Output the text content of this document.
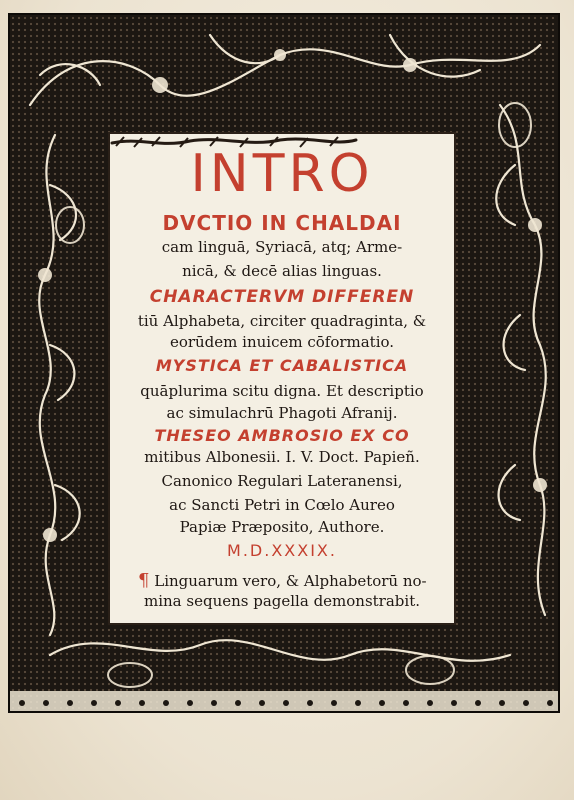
INTRO
DVCTIO IN CHALDAI
cam linguā, Syriacā, atq; Arme-
nicā, & decē alias linguas.
CHARACTERVM DIFFEREN
tiū Alphabeta, circiter quadraginta, &
eorūdem inuicem cōformatio.
MYSTICA ET CABALISTICA
quāplurima scitu digna. Et descriptio
ac simulachrū Phagoti Afranij.
THESEO AMBROSIO EX CO
mitibus Albonesii. I. V. Doct. Papieñ.
Canonico Regulari Lateranensi,
ac Sancti Petri in Cœlo Aureo
Papiæ Præposito, Authore.
M.D.XXXIX.
¶ Linguarum vero, & Alphabetorū no-
mina sequens pagella demonstrabit.
